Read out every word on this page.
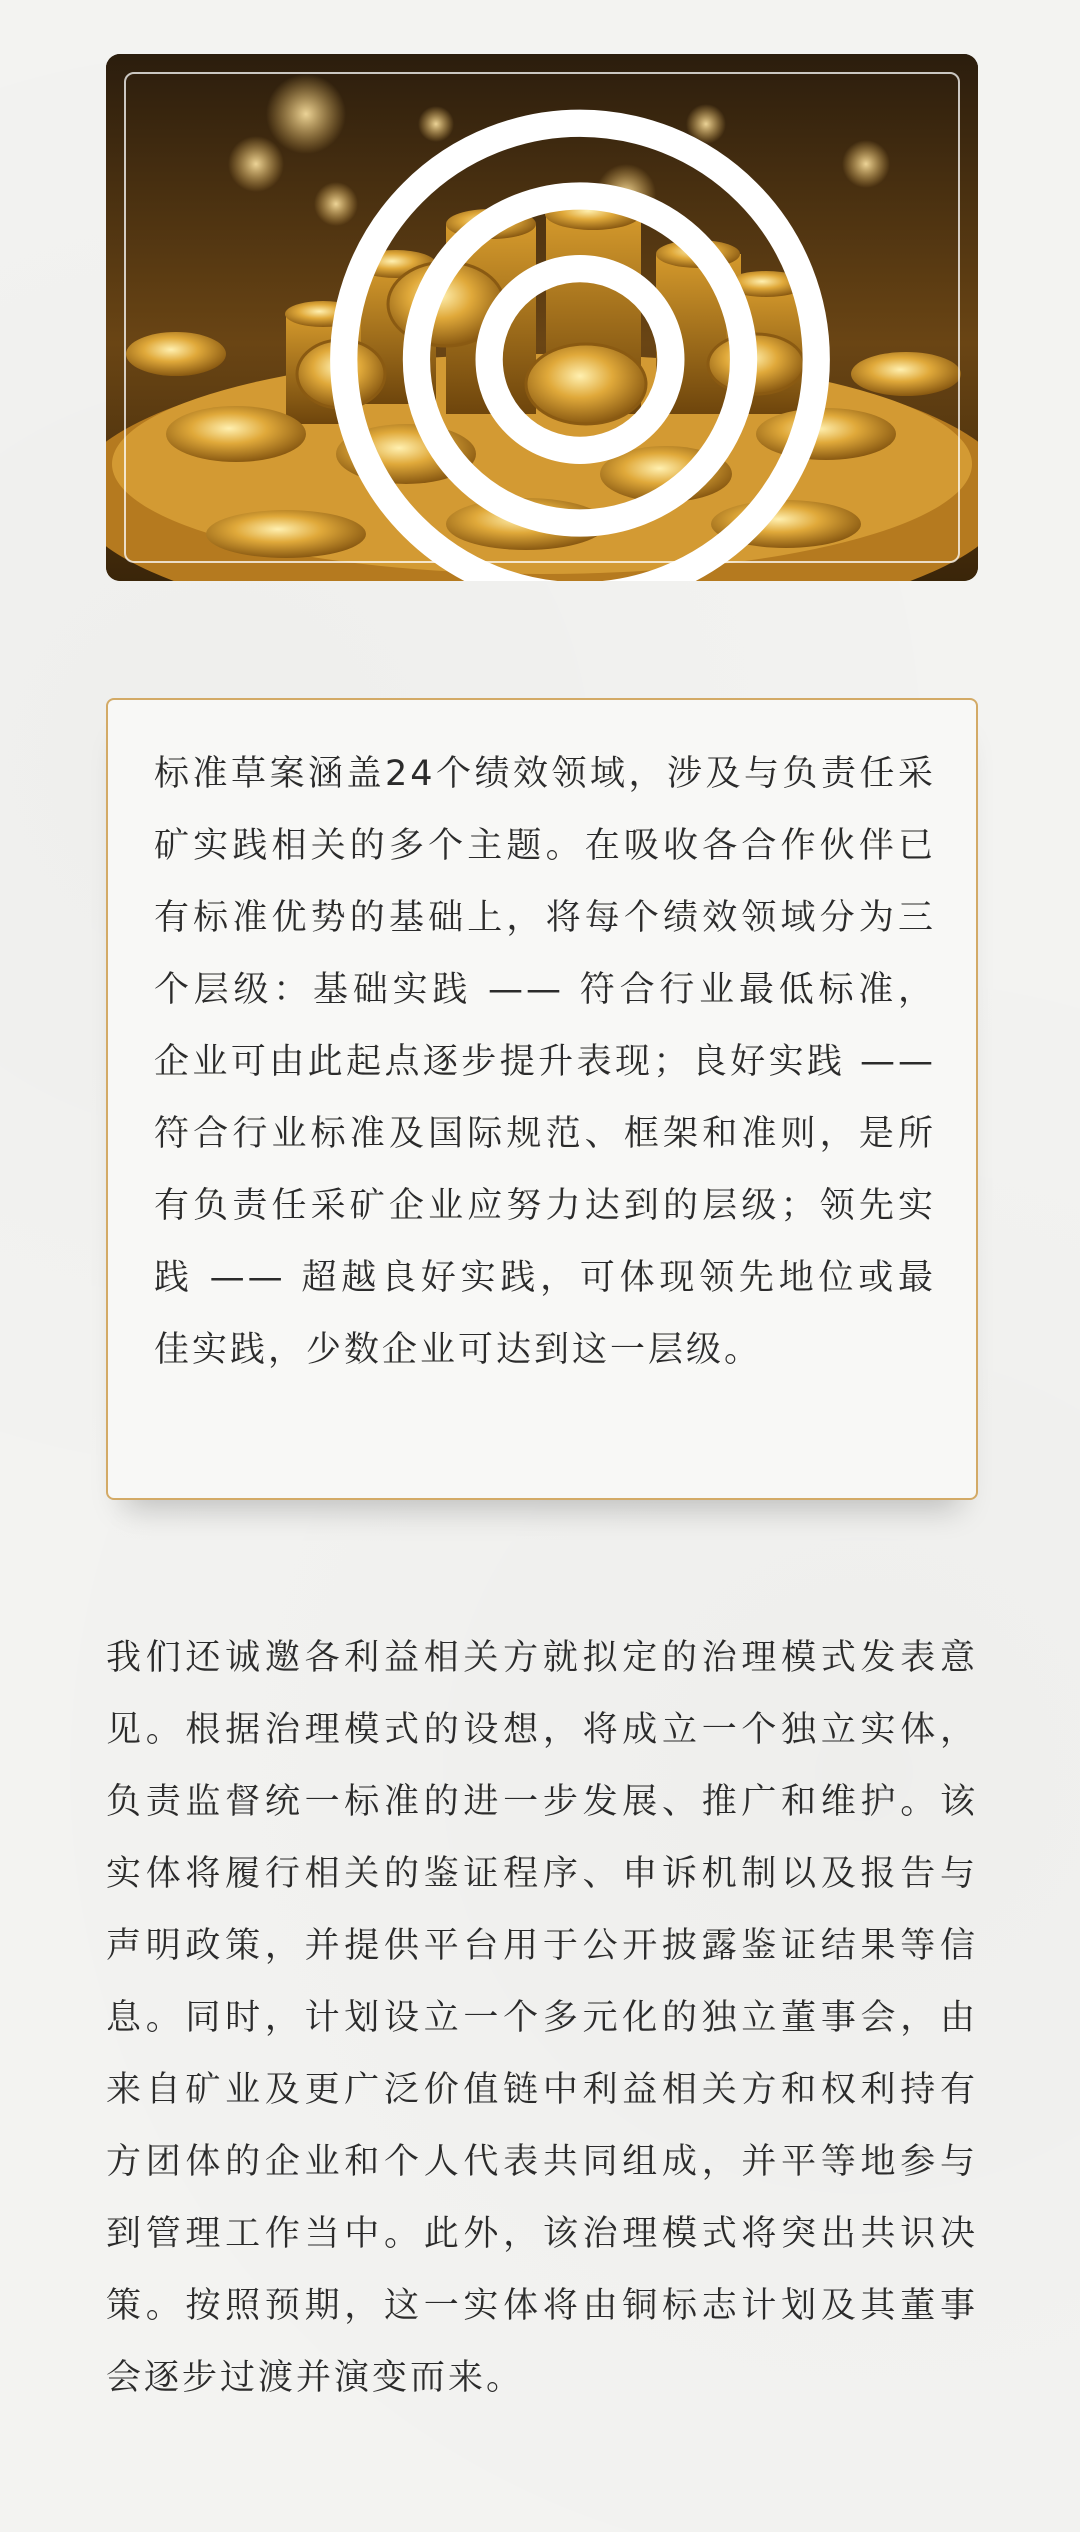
标准草案涵盖24个绩效领域，涉及与负责任采矿实践相关的多个主题。在吸收各合作伙伴已有标准优势的基础上，将每个绩效领域分为三个层级：基础实践 —— 符合行业最低标准，企业可由此起点逐步提升表现；良好实践 —— 符合行业标准及国际规范、框架和准则，是所有负责任采矿企业应努力达到的层级；领先实践 —— 超越良好实践，可体现领先地位或最佳实践，少数企业可达到这一层级。

我们还诚邀各利益相关方就拟定的治理模式发表意见。根据治理模式的设想，将成立一个独立实体，负责监督统一标准的进一步发展、推广和维护。该实体将履行相关的鉴证程序、申诉机制以及报告与声明政策，并提供平台用于公开披露鉴证结果等信息。同时，计划设立一个多元化的独立董事会，由来自矿业及更广泛价值链中利益相关方和权利持有方团体的企业和个人代表共同组成，并平等地参与到管理工作当中。此外，该治理模式将突出共识决策。按照预期，这一实体将由铜标志计划及其董事会逐步过渡并演变而来。
